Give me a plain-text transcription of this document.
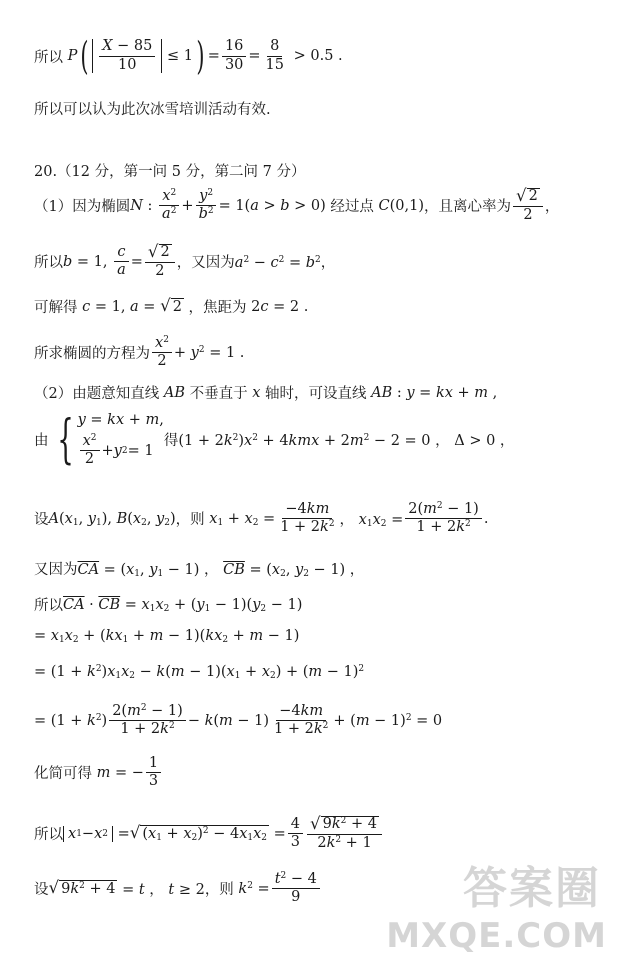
所以 P ( $\frac{X - 85}{10} \le 1$ ) = $\frac{16}{30} = \frac{8}{15} > 0.5$ .
所以可以认为此次冰雪培训活动有效.
20.（12 分，第一问 5 分，第二问 7 分）
（1）因为椭圆 N : $\frac{x^2}{a^2} + \frac{y^2}{b^2} = 1(a > b > 0)$ 经过点 C (0,1) ，且离心率为 $\frac{√ 2}{2}$ ，
所以 b = 1, $\frac{c}{a} = \frac{√ 2}{2}$ ，又因为 $a^2 - c^2 = b^2$，
可解得 c = 1, a = √ 2
，焦距为 2c = 2 .
所求椭圆的方程为 $\frac{x^2}{2} + y^2 = 1$ .
（2）由题意知直线 AB 不垂直于 x 轴时，可设直线 AB : y = kx + m ,
由 { y = kx + m,
$\frac{x^2}{2} + y$ 2 = 1
得 $(1 + 2k^2)x^2 + 4kmx + 2m^2 - 2 = 0$ ， Δ > 0 ，
设 $A(x_1$, $y_1$), $B(x_2$, $y_2$) ，则 $x_1 + x_2 = \frac{-4km}{1 + 2k^2}$ ， $x_1x_2 = \frac{2(m^2 - 1)}{1 + 2k^2}$ .
又因为 $\overline{CA} = (x_1$, $y_1 - 1$) ， $\overline{CB} = (x_2$, $y_2 - 1$) ，
所以 $\overline{CA} \cdot \overline{CB} = x_1x_2 + (y_1 - 1)(y_2 - 1)$
= $x_1x_2 + (kx_1 + m - 1)(kx_2 + m - 1)$
= $(1 + k^2)x_1x_2 - k(m - 1)(x_1 + x_2) + (m - 1)^2$
= $(1 + k^2) \frac{2(m^2 - 1)}{1 + 2k^2} - k(m - 1) \frac{-4km}{1 + 2k^2} + (m - 1)^2 = 0$
化简可得 m = − $\frac{1}{3}$
所以 x 1 − x 2 = √ $(x_1 + x_2)^2 - 4x_1x_2 = \frac{4}{3} \frac{√ 9k^2 + 4}{2k^2 + 1}$
设 √ $9k^2 + 4 = t$ ， t ≥ 2 ，则 $k^2 = \frac{t^2 - 4}{9}$	答案圈
MXQE.COM
